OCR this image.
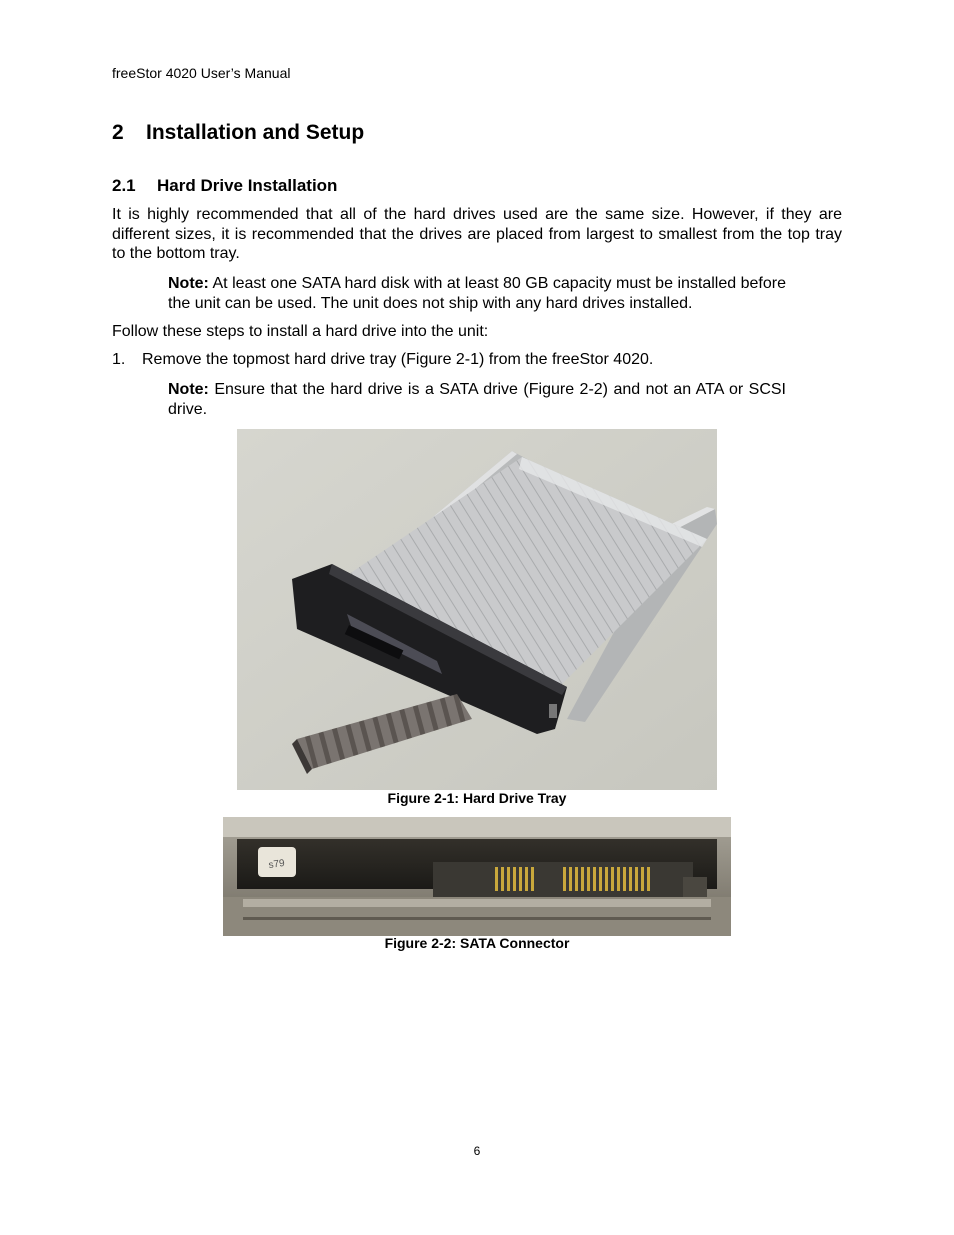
freeStor 4020 User’s Manual
2 Installation and Setup
2.1 Hard Drive Installation
It is highly recommended that all of the hard drives used are the same size. However, if they are different sizes, it is recommended that the drives are placed from largest to smallest from the top tray to the bottom tray.
Note: At least one SATA hard disk with at least 80 GB capacity must be installed before the unit can be used. The unit does not ship with any hard drives installed.
Follow these steps to install a hard drive into the unit:
1. Remove the topmost hard drive tray (Figure 2-1) from the freeStor 4020.
Note: Ensure that the hard drive is a SATA drive (Figure 2-2) and not an ATA or SCSI drive.
Figure 2-1: Hard Drive Tray
s79
Figure 2-2: SATA Connector
6
